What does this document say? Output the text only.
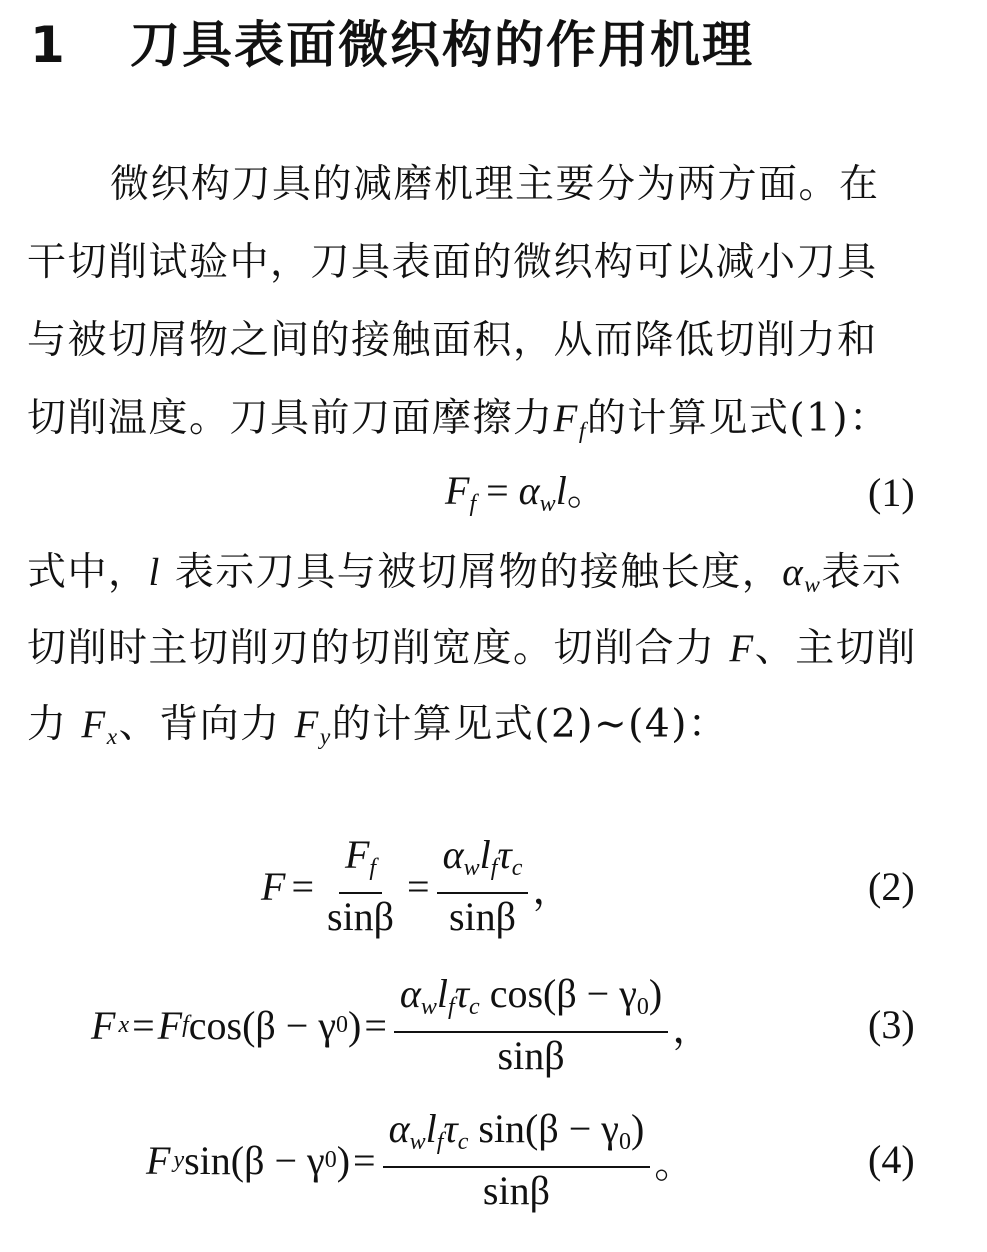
1 刀具表面微织构的作用机理
微织构刀具的减磨机理主要分为两方面。在
干切削试验中，刀具表面的微织构可以减小刀具
与被切屑物之间的接触面积，从而降低切削力和
切削温度。刀具前刀面摩擦力$F_f$的计算见式(1)：
$F_f = \alpha_wl$。	(1)
式中，l 表示刀具与被切屑物的接触长度，$\alpha_w$表示
切削时主切削刃的切削宽度。切削合力 F、主切削
力 $F_x$、背向力 $F_y$的计算见式(2)~(4)：
$F = \frac{F_f}{\sin\beta} = \frac{\alpha_wl_f\tau_c}{\sin\beta}$ ，	(2)
F x = F f cos(β − γ 0 ) = $\frac{\alpha_wl_f\tau_c \cos(\beta - \gamma_0)}{\sin\beta}$ ，	(3)
F y sin(β − γ 0 ) = $\frac{\alpha_wl_f\tau_c \sin(\beta - \gamma_0)}{\sin\beta}$ 。	(4)
